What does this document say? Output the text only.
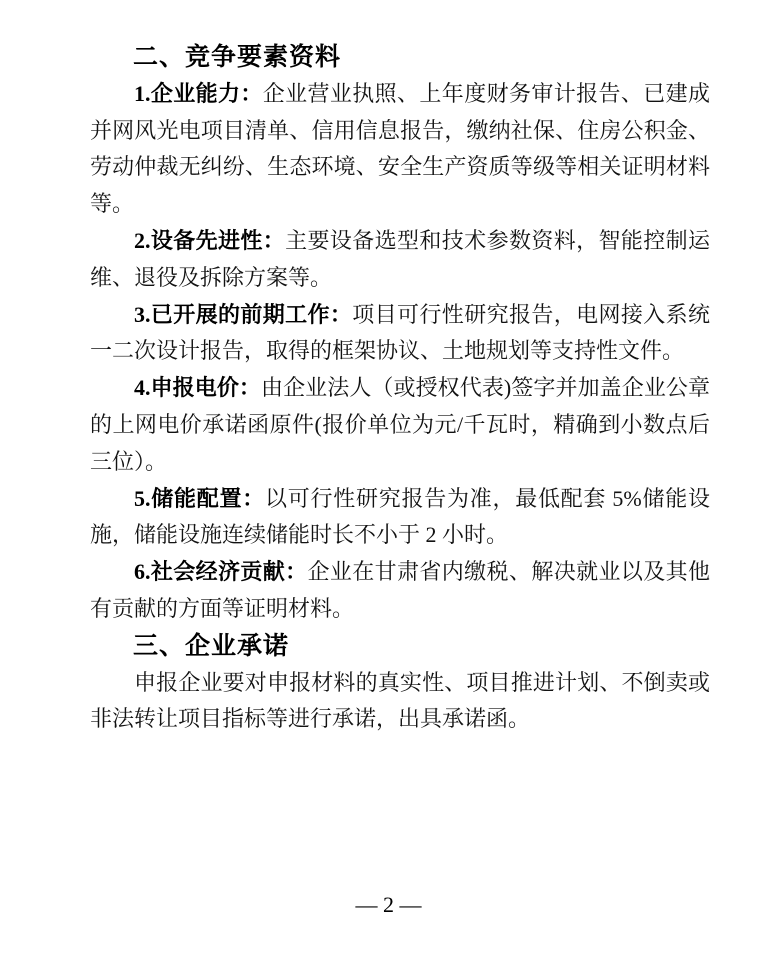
二、竞争要素资料

1.企业能力：企业营业执照、上年度财务审计报告、已建成并网风光电项目清单、信用信息报告，缴纳社保、住房公积金、劳动仲裁无纠纷、生态环境、安全生产资质等级等相关证明材料等。

2.设备先进性：主要设备选型和技术参数资料，智能控制运维、退役及拆除方案等。

3.已开展的前期工作：项目可行性研究报告，电网接入系统一二次设计报告，取得的框架协议、土地规划等支持性文件。

4.申报电价：由企业法人（或授权代表)签字并加盖企业公章的上网电价承诺函原件(报价单位为元/千瓦时，精确到小数点后三位）。

5.储能配置：以可行性研究报告为准，最低配套 5%储能设施，储能设施连续储能时长不小于 2 小时。

6.社会经济贡献：企业在甘肃省内缴税、解决就业以及其他有贡献的方面等证明材料。

三、企业承诺

申报企业要对申报材料的真实性、项目推进计划、不倒卖或非法转让项目指标等进行承诺，出具承诺函。

— 2 —
